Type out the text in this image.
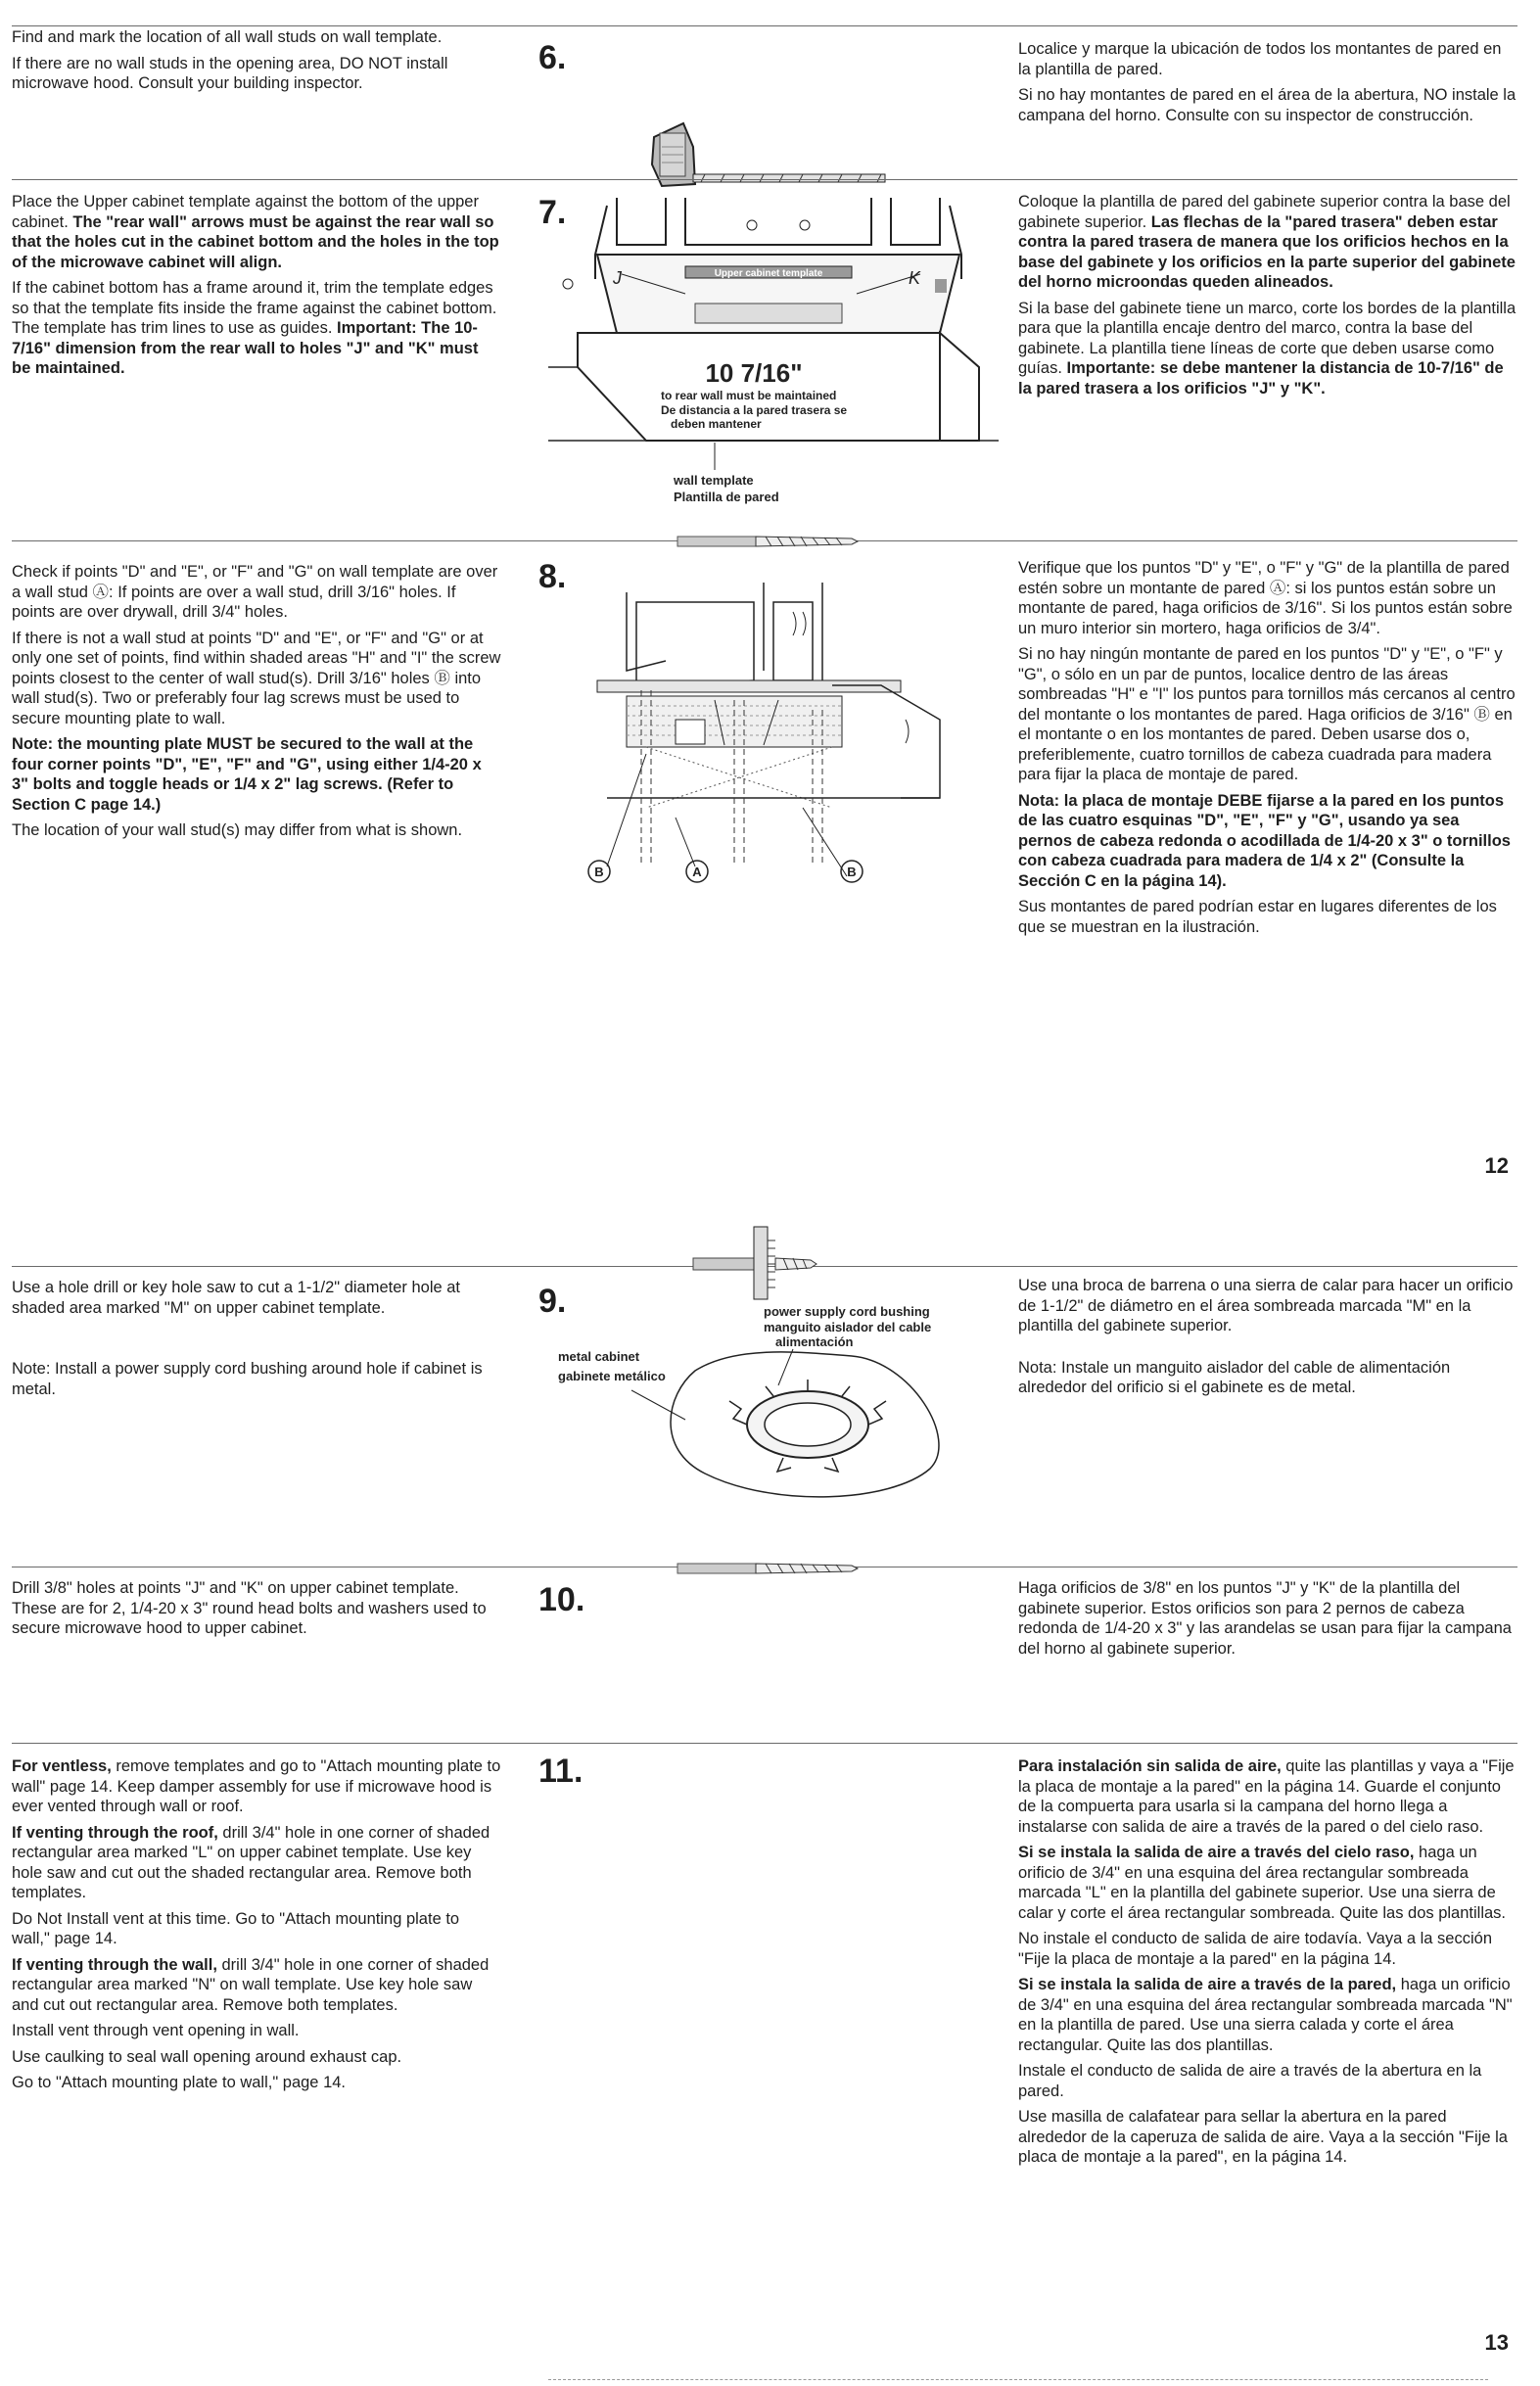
6.

Find and mark the location of all wall studs on wall template.

If there are no wall studs in the opening area, DO NOT install microwave hood. Consult your building inspector.

Localice y marque la ubicación de todos los montantes de pared en la plantilla de pared.

Si no hay montantes de pared en el área de la abertura, NO instale la campana del horno. Consulte con su inspector de construcción.

7.

Place the Upper cabinet template against the bottom of the upper cabinet. The "rear wall" arrows must be against the rear wall so that the holes cut in the cabinet bottom and the holes in the top of the microwave cabinet will align.

If the cabinet bottom has a frame around it, trim the template edges so that the template fits inside the frame against the cabinet bottom. The template has trim lines to use as guides. Important: The 10-7/16" dimension from the rear wall to holes "J" and "K" must be maintained.

Coloque la plantilla de pared del gabinete superior contra la base del gabinete superior. Las flechas de la "pared trasera" deben estar contra la pared trasera de manera que los orificios hechos en la base del gabinete y los orificios en la parte superior del gabinete del horno microondas queden alineados.

Si la base del gabinete tiene un marco, corte los bordes de la plantilla para que la plantilla encaje dentro del marco, contra la base del gabinete. La plantilla tiene líneas de corte que deben usarse como guías. Importante: se debe mantener la distancia de 10-7/16" de la pared trasera a los orificios "J" y "K".

Upper cabinet template
J	K
10 7/16"
to rear wall must be maintained
De distancia a la pared trasera se
deben mantener
wall template
Plantilla de pared
8.

Check if points "D" and "E", or "F" and "G" on wall template are over a wall stud Ⓐ: If points are over a wall stud, drill 3/16" holes. If points are over drywall, drill 3/4" holes.

If there is not a wall stud at points "D" and "E", or "F" and "G" or at only one set of points, find within shaded areas "H" and "I" the screw points closest to the center of wall stud(s). Drill 3/16" holes Ⓑ into wall stud(s). Two or preferably four lag screws must be used to secure mounting plate to wall.

Note: the mounting plate MUST be secured to the wall at the four corner points "D", "E", "F" and "G", using either 1/4-20 x 3" bolts and toggle heads or 1/4 x 2" lag screws. (Refer to Section C page 14.)

The location of your wall stud(s) may differ from what is shown.

Verifique que los puntos "D" y "E", o "F" y "G" de la plantilla de pared estén sobre un montante de pared Ⓐ: si los puntos están sobre un montante de pared, haga orificios de 3/16". Si los puntos están sobre un muro interior sin mortero, haga orificios de 3/4".

Si no hay ningún montante de pared en los puntos "D" y "E", o "F" y "G", o sólo en un par de puntos, localice dentro de las áreas sombreadas "H" e "I" los puntos para tornillos más cercanos al centro del montante o los montantes de pared. Haga orificios de 3/16" Ⓑ en el montante o en los montantes de pared. Deben usarse dos o, preferiblemente, cuatro tornillos de cabeza cuadrada para madera para fijar la placa de montaje de pared.

Nota: la placa de montaje DEBE fijarse a la pared en los puntos de las cuatro esquinas "D", "E", "F" y "G", usando ya sea pernos de cabeza redonda o acodillada de 1/4-20 x 3" o tornillos con cabeza cuadrada para madera de 1/4 x 2" (Consulte la Sección C en la página 14).

Sus montantes de pared podrían estar en lugares diferentes de los que se muestran en la ilustración.

B	A	B
12
9.

Use a hole drill or key hole saw to cut a 1-1/2" diameter hole at shaded area marked "M" on upper cabinet template.

Note: Install a power supply cord bushing around hole if cabinet is metal.

Use una broca de barrena o una sierra de calar para hacer un orificio de 1-1/2" de diámetro en el área sombreada marcada "M" en la plantilla del gabinete superior.

Nota: Instale un manguito aislador del cable de alimentación alrededor del orificio si el gabinete es de metal.

power supply cord bushing
manguito aislador del cable
alimentación
metal cabinet
gabinete metálico
10.

Drill 3/8" holes at points "J" and "K" on upper cabinet template. These are for 2, 1/4-20 x 3" round head bolts and washers used to secure microwave hood to upper cabinet.

Haga orificios de 3/8" en los puntos "J" y "K" de la plantilla del gabinete superior. Estos orificios son para 2 pernos de cabeza redonda de 1/4-20 x 3" y las arandelas se usan para fijar la campana del horno al gabinete superior.

11.

For ventless, remove templates and go to "Attach mounting plate to wall" page 14. Keep damper assembly for use if microwave hood is ever vented through wall or roof.

If venting through the roof, drill 3/4" hole in one corner of shaded rectangular area marked "L" on upper cabinet template. Use key hole saw and cut out the shaded rectangular area. Remove both templates.

Do Not Install vent at this time. Go to "Attach mounting plate to wall," page 14.

If venting through the wall, drill 3/4" hole in one corner of shaded rectangular area marked "N" on wall template. Use key hole saw and cut out rectangular area. Remove both templates.

Install vent through vent opening in wall.

Use caulking to seal wall opening around exhaust cap.

Go to "Attach mounting plate to wall," page 14.

Para instalación sin salida de aire, quite las plantillas y vaya a "Fije la placa de montaje a la pared" en la página 14. Guarde el conjunto de la compuerta para usarla si la campana del horno llega a instalarse con salida de aire a través de la pared o del cielo raso.

Si se instala la salida de aire a través del cielo raso, haga un orificio de 3/4" en una esquina del área rectangular sombreada marcada "L" en la plantilla del gabinete superior. Use una sierra de calar y corte el área rectangular sombreada. Quite las dos plantillas.

No instale el conducto de salida de aire todavía. Vaya a la sección "Fije la placa de montaje a la pared" en la página 14.

Si se instala la salida de aire a través de la pared, haga un orificio de 3/4" en una esquina del área rectangular sombreada marcada "N" en la plantilla de pared. Use una sierra calada y corte el área rectangular. Quite las dos plantillas.

Instale el conducto de salida de aire a través de la abertura en la pared.

Use masilla de calafatear para sellar la abertura en la pared alrededor de la caperuza de salida de aire. Vaya a la sección "Fije la placa de montaje a la pared", en la página 14.

13
